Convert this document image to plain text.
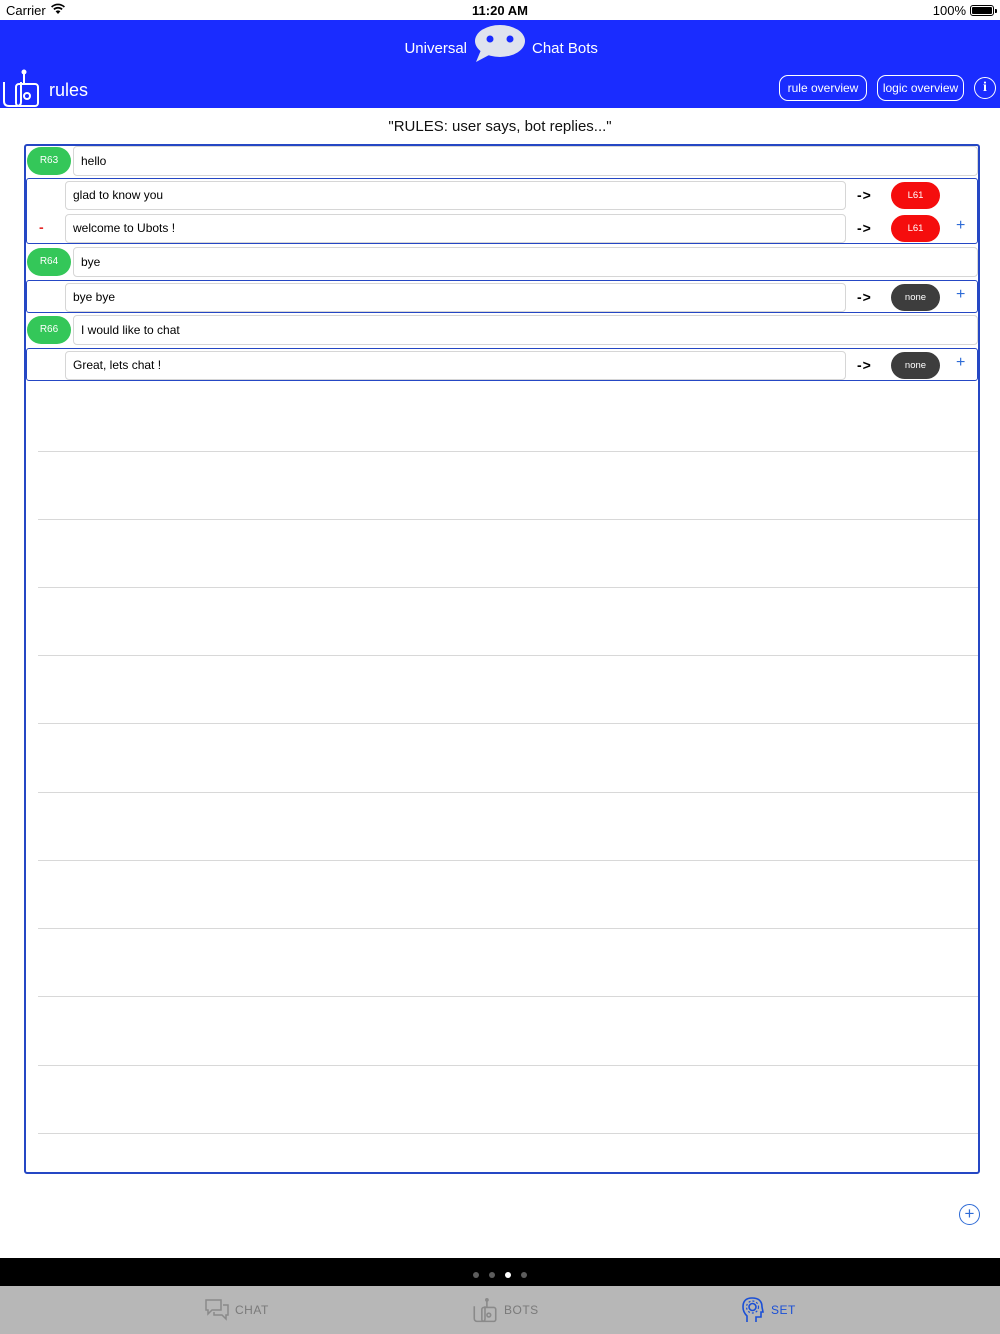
Carrier	11:20 AM	100%
Universal	Chat Bots
rules	rule overview	logic overview	i
"RULES: user says, bot replies..."
R63	hello
glad to know you	->	L61
-	welcome to Ubots !	->	L61	+
R64	bye
bye bye	->	none	+
R66	I would like to chat
Great, lets chat !	->	none	+
+
CHAT	BOTS	SET
